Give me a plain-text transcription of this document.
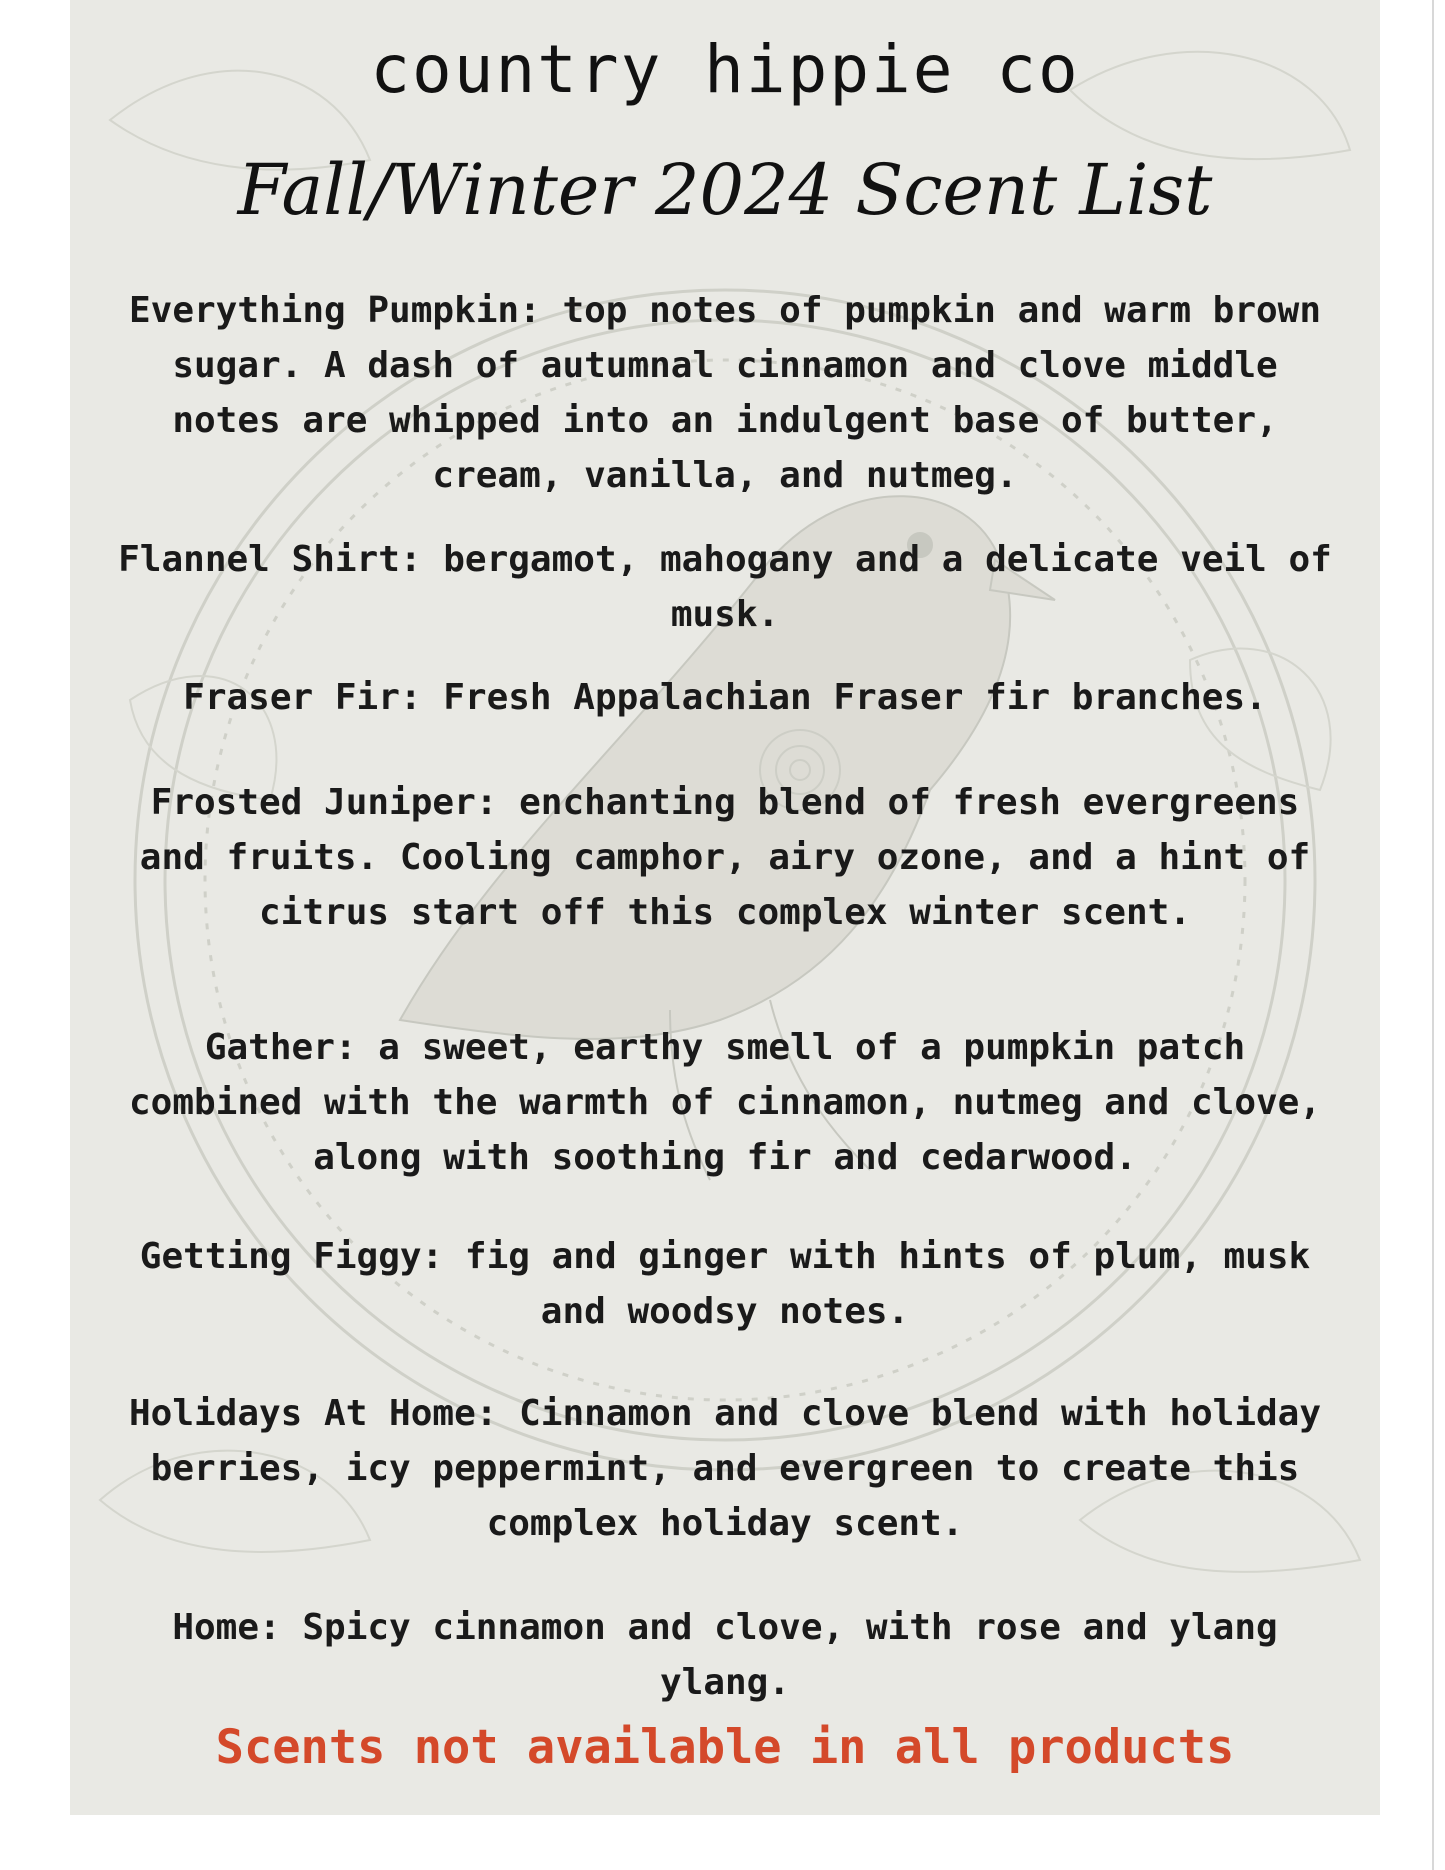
country hippie co
Fall/Winter 2024 Scent List

Everything Pumpkin: top notes of pumpkin and warm brown sugar. A dash of autumnal cinnamon and clove middle notes are whipped into an indulgent base of butter, cream, vanilla, and nutmeg.

Flannel Shirt: bergamot, mahogany and a delicate veil of musk.

Fraser Fir: Fresh Appalachian Fraser fir branches.

Frosted Juniper: enchanting blend of fresh evergreens and fruits. Cooling camphor, airy ozone, and a hint of citrus start off this complex winter scent.

Gather: a sweet, earthy smell of a pumpkin patch combined with the warmth of cinnamon, nutmeg and clove, along with soothing fir and cedarwood.

Getting Figgy: fig and ginger with hints of plum, musk and woodsy notes.

Holidays At Home: Cinnamon and clove blend with holiday berries, icy peppermint, and evergreen to create this complex holiday scent.

Home: Spicy cinnamon and clove, with rose and ylang ylang.

Scents not available in all products
